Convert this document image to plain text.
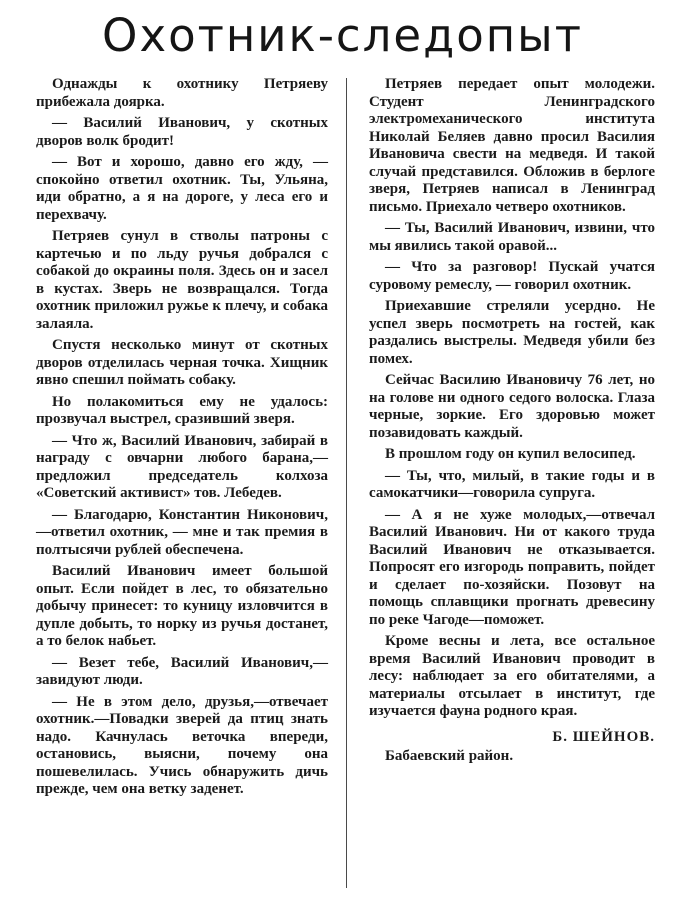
Охотник-следопыт

Однажды к охотнику Петряеву прибежала доярка.

— Василий Иванович, у скотных дворов волк бродит!

— Вот и хорошо, давно его жду, —спокойно ответил охотник. Ты, Ульяна, иди обратно, а я на дороге, у леса его и перехвачу.

Петряев сунул в стволы патроны с картечью и по льду ручья добрался с собакой до окраины поля. Здесь он и засел в кустах. Зверь не возвращался. Тогда охотник приложил ружье к плечу, и собака залаяла.

Спустя несколько минут от скотных дворов отделилась черная точка. Хищник явно спешил поймать собаку.

Но полакомиться ему не удалось: прозвучал выстрел, сразивший зверя.

— Что ж, Василий Иванович, забирай в награду с овчарни любого барана,—предложил председатель колхоза «Советский активист» тов. Лебедев.

— Благодарю, Константин Никонович,—ответил охотник, — мне и так премия в полтысячи рублей обеспечена.

Василий Иванович имеет большой опыт. Если пойдет в лес, то обязательно добычу принесет: то куницу изловчится в дупле добыть, то норку из ручья достанет, а то белок набьет.

— Везет тебе, Василий Иванович,—завидуют люди.

— Не в этом дело, друзья,—отвечает охотник.—Повадки зверей да птиц знать надо. Качнулась веточка впереди, остановись, выясни, почему она пошевелилась. Учись обнаружить дичь прежде, чем она ветку заденет.

Петряев передает опыт молодежи. Студент Ленинградского электромеханического института Николай Беляев давно просил Василия Ивановича свести на медведя. И такой случай представился. Обложив в берлоге зверя, Петряев написал в Ленинград письмо. Приехало четверо охотников.

— Ты, Василий Иванович, извини, что мы явились такой оравой...

— Что за разговор! Пускай учатся суровому ремеслу, — говорил охотник.

Приехавшие стреляли усердно. Не успел зверь посмотреть на гостей, как раздались выстрелы. Медведя убили без помех.

Сейчас Василию Ивановичу 76 лет, но на голове ни одного седого волоска. Глаза черные, зоркие. Его здоровью может позавидовать каждый.

В прошлом году он купил велосипед.

— Ты, что, милый, в такие годы и в самокатчики—говорила супруга.

— А я не хуже молодых,—отвечал Василий Иванович. Ни от какого труда Василий Иванович не отказывается. Попросят его изгородь поправить, пойдет и сделает по-хозяйски. Позовут на помощь сплавщики прогнать древесину по реке Чагоде—поможет.

Кроме весны и лета, все остальное время Василий Иванович проводит в лесу: наблюдает за его обитателями, а материалы отсылает в институт, где изучается фауна родного края.

Б. ШЕЙНОВ.
Бабаевский район.
